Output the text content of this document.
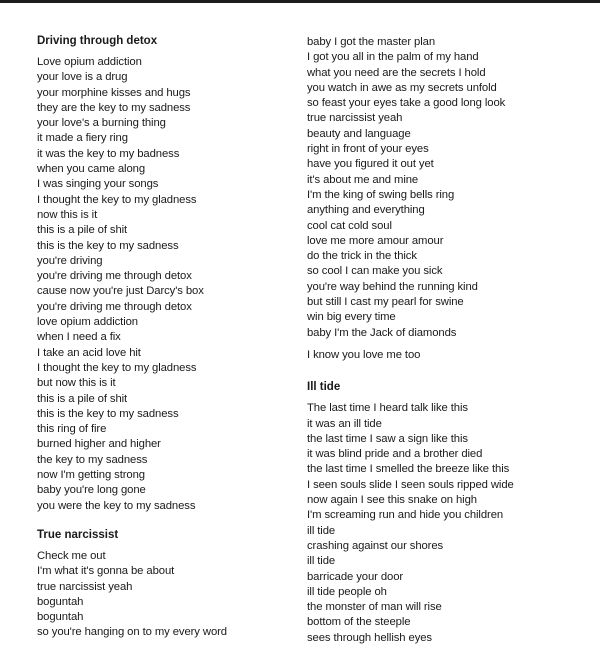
Driving through detox
Love opium addiction
your love is a drug
your morphine kisses and hugs
they are the key to my sadness
your love's a burning thing
it made a fiery ring
it was the key to my badness
when you came along
I was singing your songs
I thought the key to my gladness
now this is it
this is a pile of shit
this is the key to my sadness
you're driving
you're driving me through detox
cause now you're just Darcy's box
you're driving me through detox
love opium addiction
when I need a fix
I take an acid love hit
I thought the key to my gladness
but now this is it
this is a pile of shit
this is the key to my sadness
this ring of fire
burned higher and higher
the key to my sadness
now I'm getting strong
baby you're long gone
you were the key to my sadness
True narcissist
Check me out
I'm what it's gonna be about
true narcissist yeah
boguntah
boguntah
so you're hanging on to my every word
baby I got the master plan
I got you all in the palm of my hand
what you need are the secrets I hold
you watch in awe as my secrets unfold
so feast your eyes take a good long look
true narcissist yeah
beauty and language
right in front of your eyes
have you figured it out yet
it's about me and mine
I'm the king of swing bells ring
anything and everything
cool cat cold soul
love me more amour amour
do the trick in the thick
so cool I can make you sick
you're way behind the running kind
but still I cast my pearl for swine
win big every time
baby I'm the Jack of diamonds
I know you love me too
Ill tide
The last time I heard talk like this
it was an ill tide
the last time I saw a sign like this
it was blind pride and a brother died
the last time I smelled the breeze like this
I seen souls slide I seen souls ripped wide
now again I see this snake on high
I'm screaming run and hide you children
ill tide
crashing against our shores
ill tide
barricade your door
ill tide people oh
the monster of man will rise
bottom of the steeple
sees through hellish eyes
